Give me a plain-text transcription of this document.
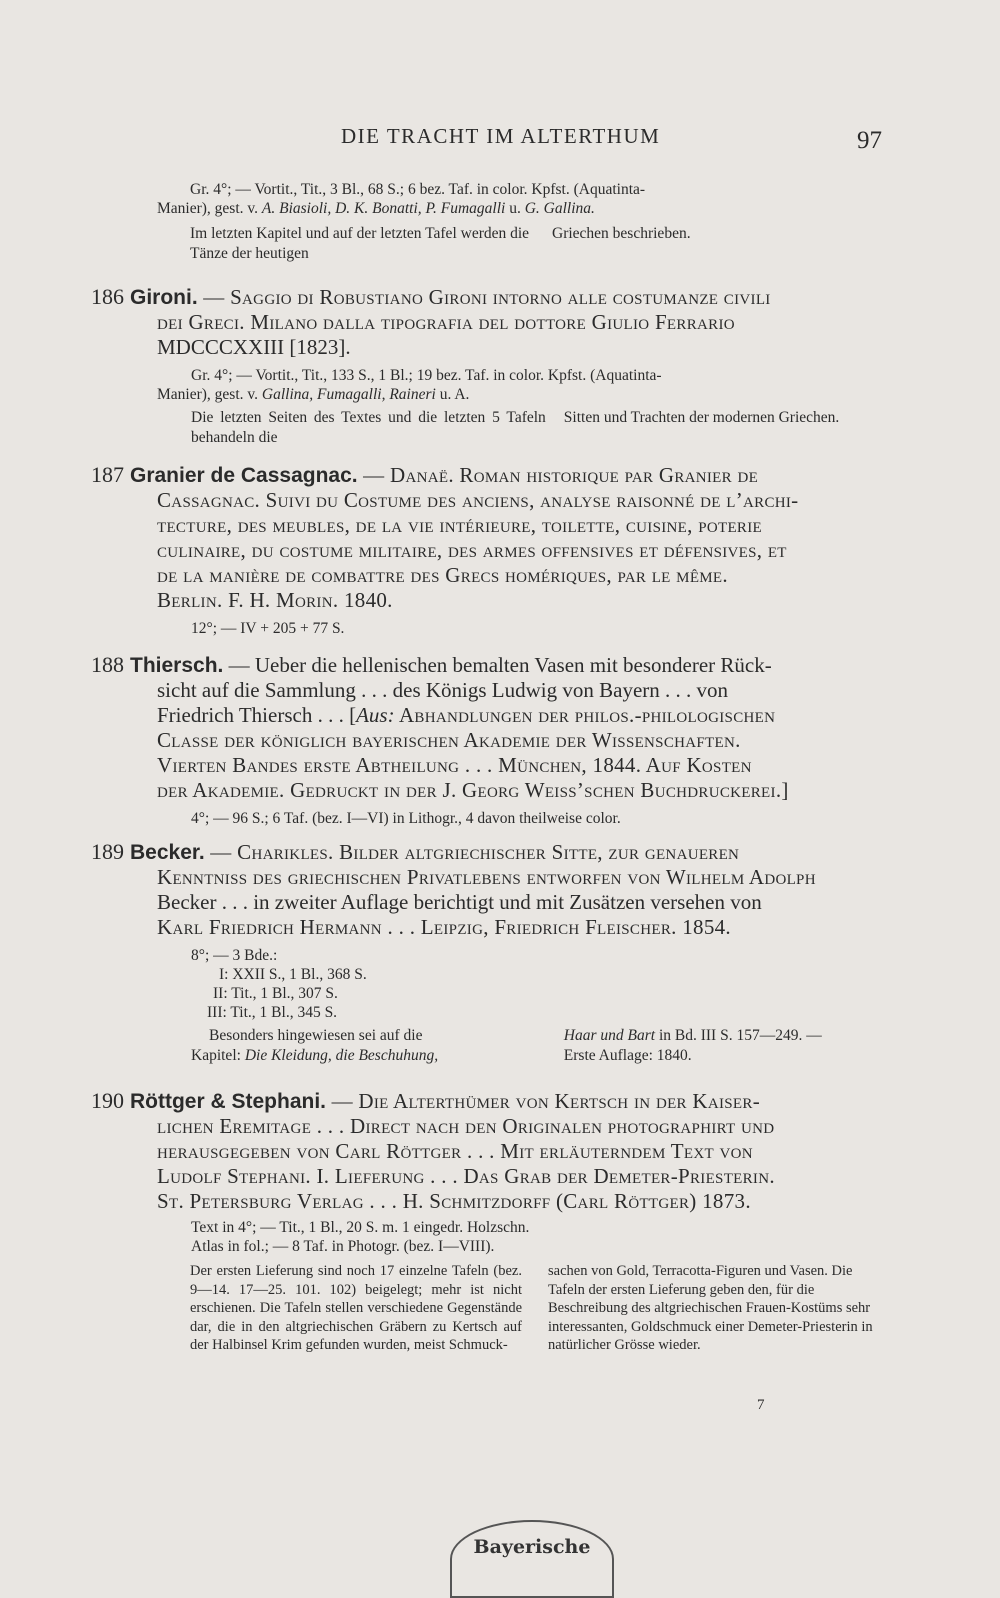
DIE TRACHT IM ALTERTHUM	97
Gr. 4°; — Vortit., Tit., 3 Bl., 68 S.; 6 bez. Taf. in color. Kpfst. (Aquatinta-
Manier), gest. v. A. Biasioli, D. K. Bonatti, P. Fumagalli u. G. Gallina.
Im letzten Kapitel und auf der letzten Tafel werden die Tänze der heutigen
Griechen beschrieben.
186 Gironi. — Saggio di Robustiano Gironi intorno alle costumanze civili
dei Greci. Milano dalla tipografia del dottore Giulio Ferrario
MDCCCXXIII [1823].
Gr. 4°; — Vortit., Tit., 133 S., 1 Bl.; 19 bez. Taf. in color. Kpfst. (Aquatinta-
Manier), gest. v. Gallina, Fumagalli, Raineri u. A.
Die letzten Seiten des Textes und die letzten 5 Tafeln behandeln die
Sitten und Trachten der modernen Griechen.
187 Granier de Cassagnac. — Danaë. Roman historique par Granier de
Cassagnac. Suivi du Costume des anciens, analyse raisonné de l’archi-
tecture, des meubles, de la vie intérieure, toilette, cuisine, poterie
culinaire, du costume militaire, des armes offensives et défensives, et
de la manière de combattre des Grecs homériques, par le même.
Berlin. F. H. Morin. 1840.
12°; — IV + 205 + 77 S.
188 Thiersch. — Ueber die hellenischen bemalten Vasen mit besonderer Rück-
sicht auf die Sammlung . . . des Königs Ludwig von Bayern . . . von
Friedrich Thiersch . . . [Aus: Abhandlungen der philos.-philologischen
Classe der königlich bayerischen Akademie der Wissenschaften.
Vierten Bandes erste Abtheilung . . . München, 1844. Auf Kosten
der Akademie. Gedruckt in der J. Georg Weiss’schen Buchdruckerei.]
4°; — 96 S.; 6 Taf. (bez. I—VI) in Lithogr., 4 davon theilweise color.
189 Becker. — Charikles. Bilder altgriechischer Sitte, zur genaueren
Kenntniss des griechischen Privatlebens entworfen von Wilhelm Adolph
Becker . . . in zweiter Auflage berichtigt und mit Zusätzen versehen von
Karl Friedrich Hermann . . . Leipzig, Friedrich Fleischer. 1854.
8°; — 3 Bde.:
I: XXII S., 1 Bl., 368 S.
II: Tit., 1 Bl., 307 S.
III: Tit., 1 Bl., 345 S.
Besonders hingewiesen sei auf die
Kapitel: Die Kleidung, die Beschuhung,
Haar und Bart in Bd. III S. 157—249. —
Erste Auflage: 1840.
190 Röttger & Stephani. — Die Alterthümer von Kertsch in der Kaiser-
lichen Eremitage . . . Direct nach den Originalen photographirt und
herausgegeben von Carl Röttger . . . Mit erläuterndem Text von
Ludolf Stephani. I. Lieferung . . . Das Grab der Demeter-Priesterin.
St. Petersburg Verlag . . . H. Schmitzdorff (Carl Röttger) 1873.
Text in 4°; — Tit., 1 Bl., 20 S. m. 1 eingedr. Holzschn.
Atlas in fol.; — 8 Taf. in Photogr. (bez. I—VIII).
Der ersten Lieferung sind noch 17 einzelne Tafeln (bez. 9—14. 17—25. 101. 102) beigelegt; mehr ist nicht erschienen. Die Tafeln stellen verschiedene Gegenstände dar, die in den altgriechischen Gräbern zu Kertsch auf der Halbinsel Krim gefunden wurden, meist Schmuck-
sachen von Gold, Terracotta-Figuren und Vasen. Die Tafeln der ersten Lieferung geben den, für die Beschreibung des altgriechischen Frauen-Kostüms sehr interessanten, Goldschmuck einer Demeter-Priesterin in natürlicher Grösse wieder.
7
Bayerische
